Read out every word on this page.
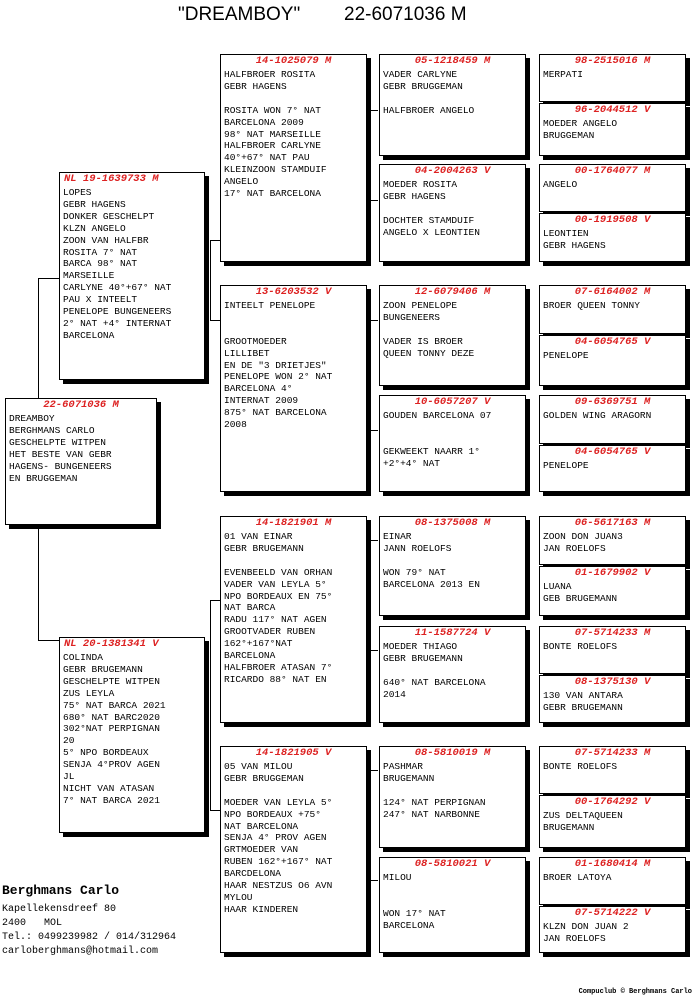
"DREAMBOY" 22-6071036 M
22-6071036 M
DREAMBOY
BERGHMANS CARLO
GESCHELPTE WITPEN
HET BESTE VAN GEBR
HAGENS- BUNGENEERS
EN BRUGGEMAN
NL 19-1639733 M
LOPES
GEBR HAGENS
DONKER GESCHELPT
KLZN ANGELO
ZOON VAN HALFBR
ROSITA 7° NAT
BARCA 98° NAT
MARSEILLE
CARLYNE 40°+67° NAT
PAU X INTEELT
PENELOPE BUNGENEERS
2° NAT +4° INTERNAT
BARCELONA
NL 20-1381341 V
COLINDA
GEBR BRUGEMANN
GESCHELPTE WITPEN
ZUS LEYLA
75° NAT BARCA 2021
680° NAT BARC2020
302°NAT PERPIGNAN
20
5° NPO BORDEAUX
SENJA 4°PROV AGEN
JL
NICHT VAN ATASAN
7° NAT BARCA 2021
14-1025079 M
HALFBROER ROSITA
GEBR HAGENS

ROSITA WON 7° NAT
BARCELONA 2009
98° NAT MARSEILLE
HALFBROER CARLYNE
40°+67° NAT PAU
KLEINZOON STAMDUIF
ANGELO
17° NAT BARCELONA
13-6203532 V
INTEELT PENELOPE

GROOTMOEDER
LILLIBET
EN DE "3 DRIETJES"
PENELOPE WON 2° NAT
BARCELONA 4°
INTERNAT 2009
875° NAT BARCELONA
2008
14-1821901 M
01 VAN EINAR
GEBR BRUGEMANN

EVENBEELD VAN ORHAN
VADER VAN LEYLA 5°
NPO BORDEAUX EN 75°
NAT BARCA
RADU 117° NAT AGEN
GROOTVADER RUBEN
162°+167°NAT
BARCELONA
HALFBROER ATASAN 7°
RICARDO 88° NAT EN
14-1821905 V
05 VAN MILOU
GEBR BRUGGEMAN

MOEDER VAN LEYLA 5°
NPO BORDEAUX +75°
NAT BARCELONA
SENJA 4° PROV AGEN
GRTMOEDER VAN
RUBEN 162°+167° NAT
BARCDELONA
HAAR NESTZUS O6 AVN
MYLOU
HAAR KINDEREN
05-1218459 M
VADER CARLYNE
GEBR BRUGGEMAN

HALFBROER ANGELO
04-2004263 V
MOEDER ROSITA
GEBR HAGENS

DOCHTER STAMDUIF
ANGELO X LEONTIEN
12-6079406 M
ZOON PENELOPE
BUNGENEERS

VADER IS BROER
QUEEN TONNY DEZE
10-6057207 V
GOUDEN BARCELONA 07

GEKWEEKT NAARR 1°
+2°+4° NAT
08-1375008 M
EINAR
JANN ROELOFS

WON 79° NAT
BARCELONA 2013 EN
11-1587724 V
MOEDER THIAGO
GEBR BRUGEMANN

640° NAT BARCELONA
2014
08-5810019 M
PASHMAR
BRUGEMANN

124° NAT PERPIGNAN
247° NAT NARBONNE
08-5810021 V
MILOU

WON 17° NAT
BARCELONA
98-2515016 M
MERPATI
96-2044512 V
MOEDER ANGELO
BRUGGEMAN
00-1764077 M
ANGELO
00-1919508 V
LEONTIEN
GEBR HAGENS
07-6164002 M
BROER QUEEN TONNY
04-6054765 V
PENELOPE
09-6369751 M
GOLDEN WING ARAGORN
04-6054765 V
PENELOPE
06-5617163 M
ZOON DON JUAN3
JAN ROELOFS
01-1679902 V
LUANA
GEB BRUGEMANN
07-5714233 M
BONTE ROELOFS
08-1375130 V
130 VAN ANTARA
GEBR BRUGEMANN
07-5714233 M
BONTE ROELOFS
00-1764292 V
ZUS DELTAQUEEN
BRUGEMANN
01-1680414 M
BROER LATOYA
07-5714222 V
KLZN DON JUAN 2
JAN ROELOFS
Berghmans Carlo
Kapellekensdreef 80
2400   MOL
Tel.: 0499239982 / 014/312964
carloberghmans@hotmail.com
Compuclub © Berghmans Carlo
